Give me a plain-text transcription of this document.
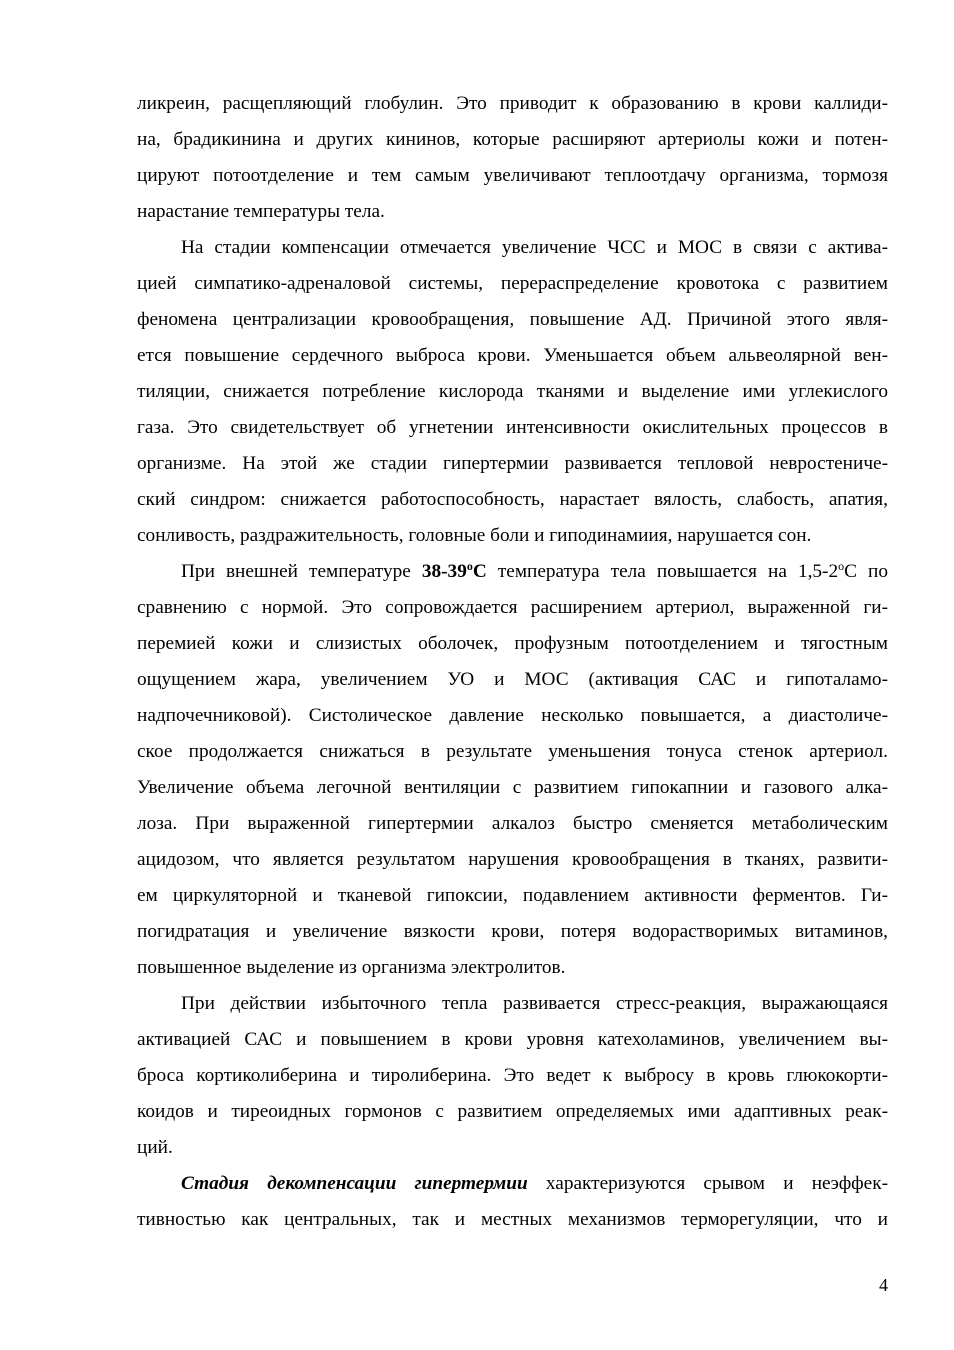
ликреин, расщепляющий глобулин. Это приводит к образованию в крови каллиди-
на, брадикинина и других кининов, которые расширяют артериолы кожи и потен-
цируют потоотделение и тем самым увеличивают теплоотдачу организма, тормозя
нарастание температуры тела.
На стадии компенсации отмечается увеличение ЧСС и МОС в связи с актива-
цией симпатико-адреналовой системы, перераспределение кровотока с развитием
феномена централизации кровообращения, повышение АД. Причиной этого явля-
ется повышение сердечного выброса крови. Уменьшается объем альвеолярной вен-
тиляции, снижается потребление кислорода тканями и выделение ими углекислого
газа. Это свидетельствует об угнетении интенсивности окислительных процессов в
организме. На этой же стадии гипертермии развивается тепловой невростениче-
ский синдром: снижается работоспособность, нарастает вялость, слабость, апатия,
сонливость, раздражительность, головные боли и гиподинамиия, нарушается сон.
При внешней температуре 38-39$^o$C температура тела повышается на 1,5-2$^o$С по
сравнению с нормой. Это сопровождается расширением артериол, выраженной ги-
перемией кожи и слизистых оболочек, профузным потоотделением и тягостным
ощущением жара, увеличением УО и МОС (активация САС и гипоталамо-
надпочечниковой). Систолическое давление несколько повышается, а диастоличе-
ское продолжается снижаться в результате уменьшения тонуса стенок артериол.
Увеличение объема легочной вентиляции с развитием гипокапнии и газового алка-
лоза. При выраженной гипертермии алкалоз быстро сменяется метаболическим
ацидозом, что является результатом нарушения кровообращения в тканях, развити-
ем циркуляторной и тканевой гипоксии, подавлением активности ферментов. Ги-
погидратация и увеличение вязкости крови, потеря водорастворимых витаминов,
повышенное выделение из организма электролитов.
При действии избыточного тепла развивается стресс-реакция, выражающаяся
активацией САС и повышением в крови уровня катехоламинов, увеличением вы-
броса кортиколиберина и тиролиберина. Это ведет к выбросу в кровь глюкокорти-
коидов и тиреоидных гормонов с развитием определяемых ими адаптивных реак-
ций.
Стадия декомпенсации гипертермии характеризуются срывом и неэффек-
тивностью как центральных, так и местных механизмов терморегуляции, что и
4
